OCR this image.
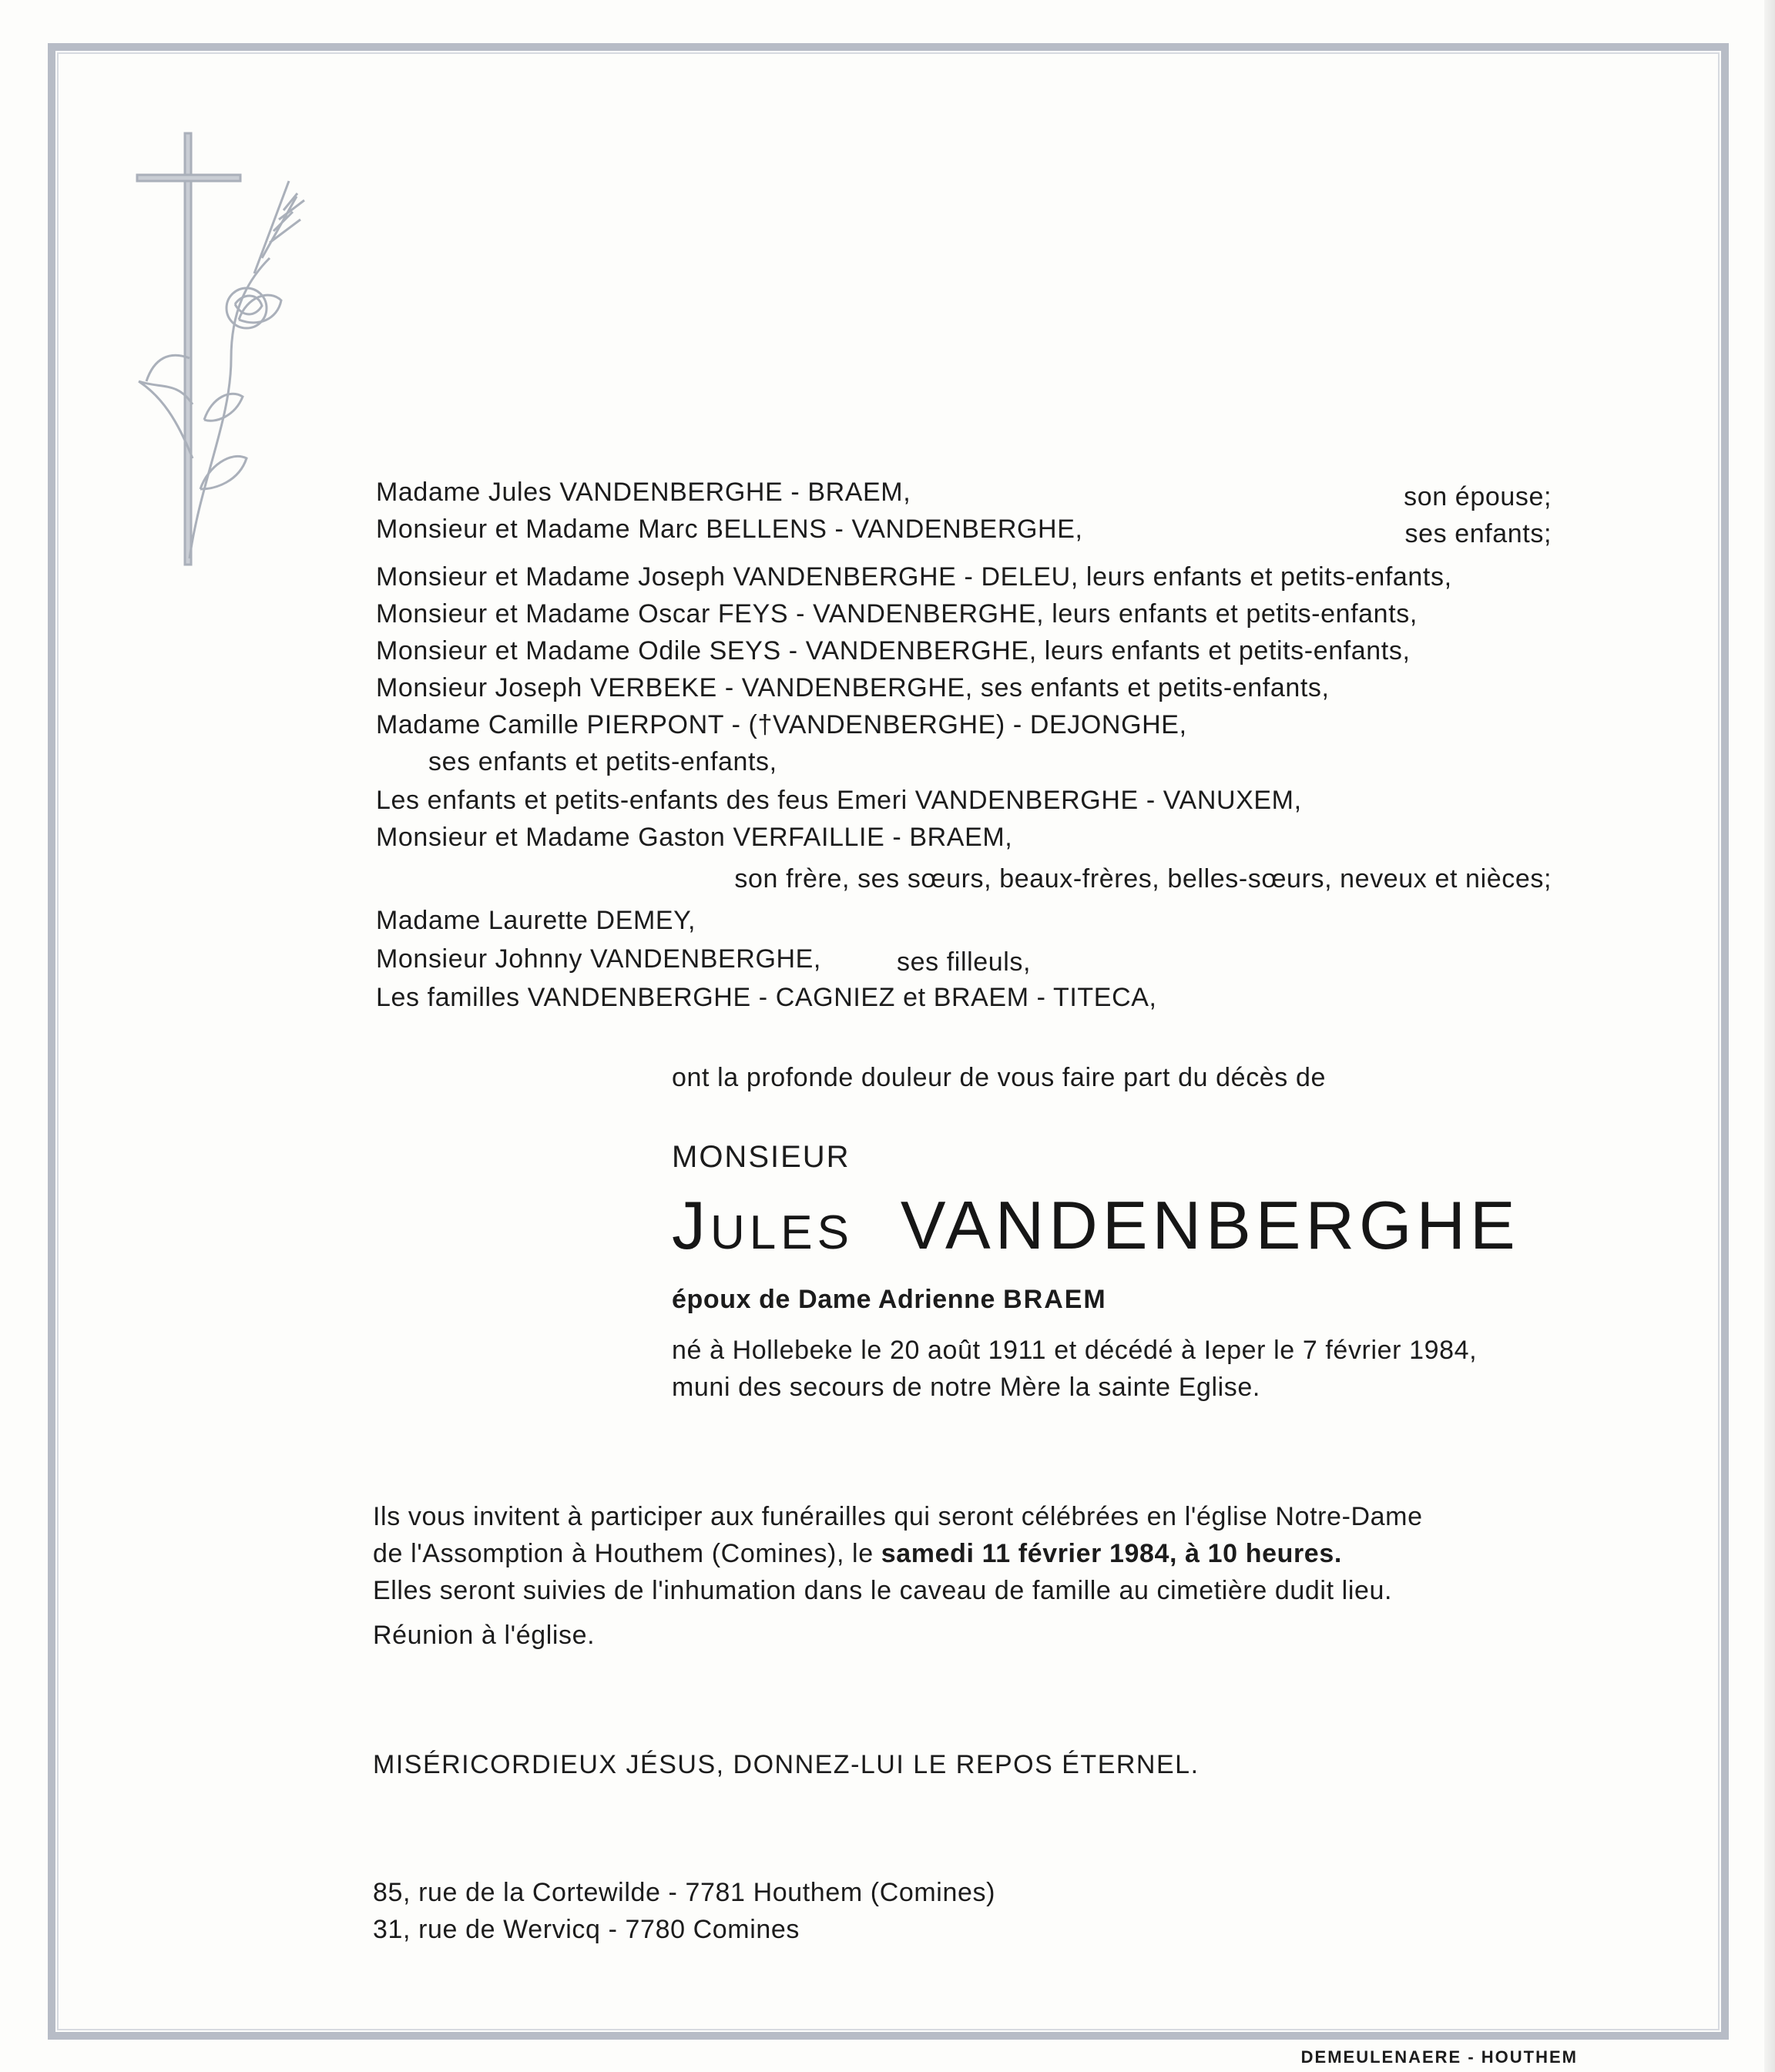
Madame Jules VANDENBERGHE - BRAEM,	son épouse;
Monsieur et Madame Marc BELLENS - VANDENBERGHE,	ses enfants;
Monsieur et Madame Joseph VANDENBERGHE - DELEU, leurs enfants et petits-enfants,
Monsieur et Madame Oscar FEYS - VANDENBERGHE, leurs enfants et petits-enfants,
Monsieur et Madame Odile SEYS - VANDENBERGHE, leurs enfants et petits-enfants,
Monsieur Joseph VERBEKE - VANDENBERGHE, ses enfants et petits-enfants,
Madame Camille PIERPONT - (†VANDENBERGHE) - DEJONGHE,
ses enfants et petits-enfants,
Les enfants et petits-enfants des feus Emeri VANDENBERGHE - VANUXEM,
Monsieur et Madame Gaston VERFAILLIE - BRAEM,
son frère, ses sœurs, beaux-frères, belles-sœurs, neveux et nièces;
Madame Laurette DEMEY,
Monsieur Johnny VANDENBERGHE,	ses filleuls,
Les familles VANDENBERGHE - CAGNIEZ et BRAEM - TITECA,
ont la profonde douleur de vous faire part du décès de
MONSIEUR
Jules VANDENBERGHE
époux de Dame Adrienne BRAEM
né à Hollebeke le 20 août 1911 et décédé à Ieper le 7 février 1984,
muni des secours de notre Mère la sainte Eglise.
Ils vous invitent à participer aux funérailles qui seront célébrées en l'église Notre-Dame
de l'Assomption à Houthem (Comines), le samedi 11 février 1984, à 10 heures.
Elles seront suivies de l'inhumation dans le caveau de famille au cimetière dudit lieu.
Réunion à l'église.
MISÉRICORDIEUX JÉSUS, DONNEZ-LUI LE REPOS ÉTERNEL.
85, rue de la Cortewilde - 7781 Houthem (Comines)
31, rue de Wervicq - 7780 Comines
DEMEULENAERE - HOUTHEM
